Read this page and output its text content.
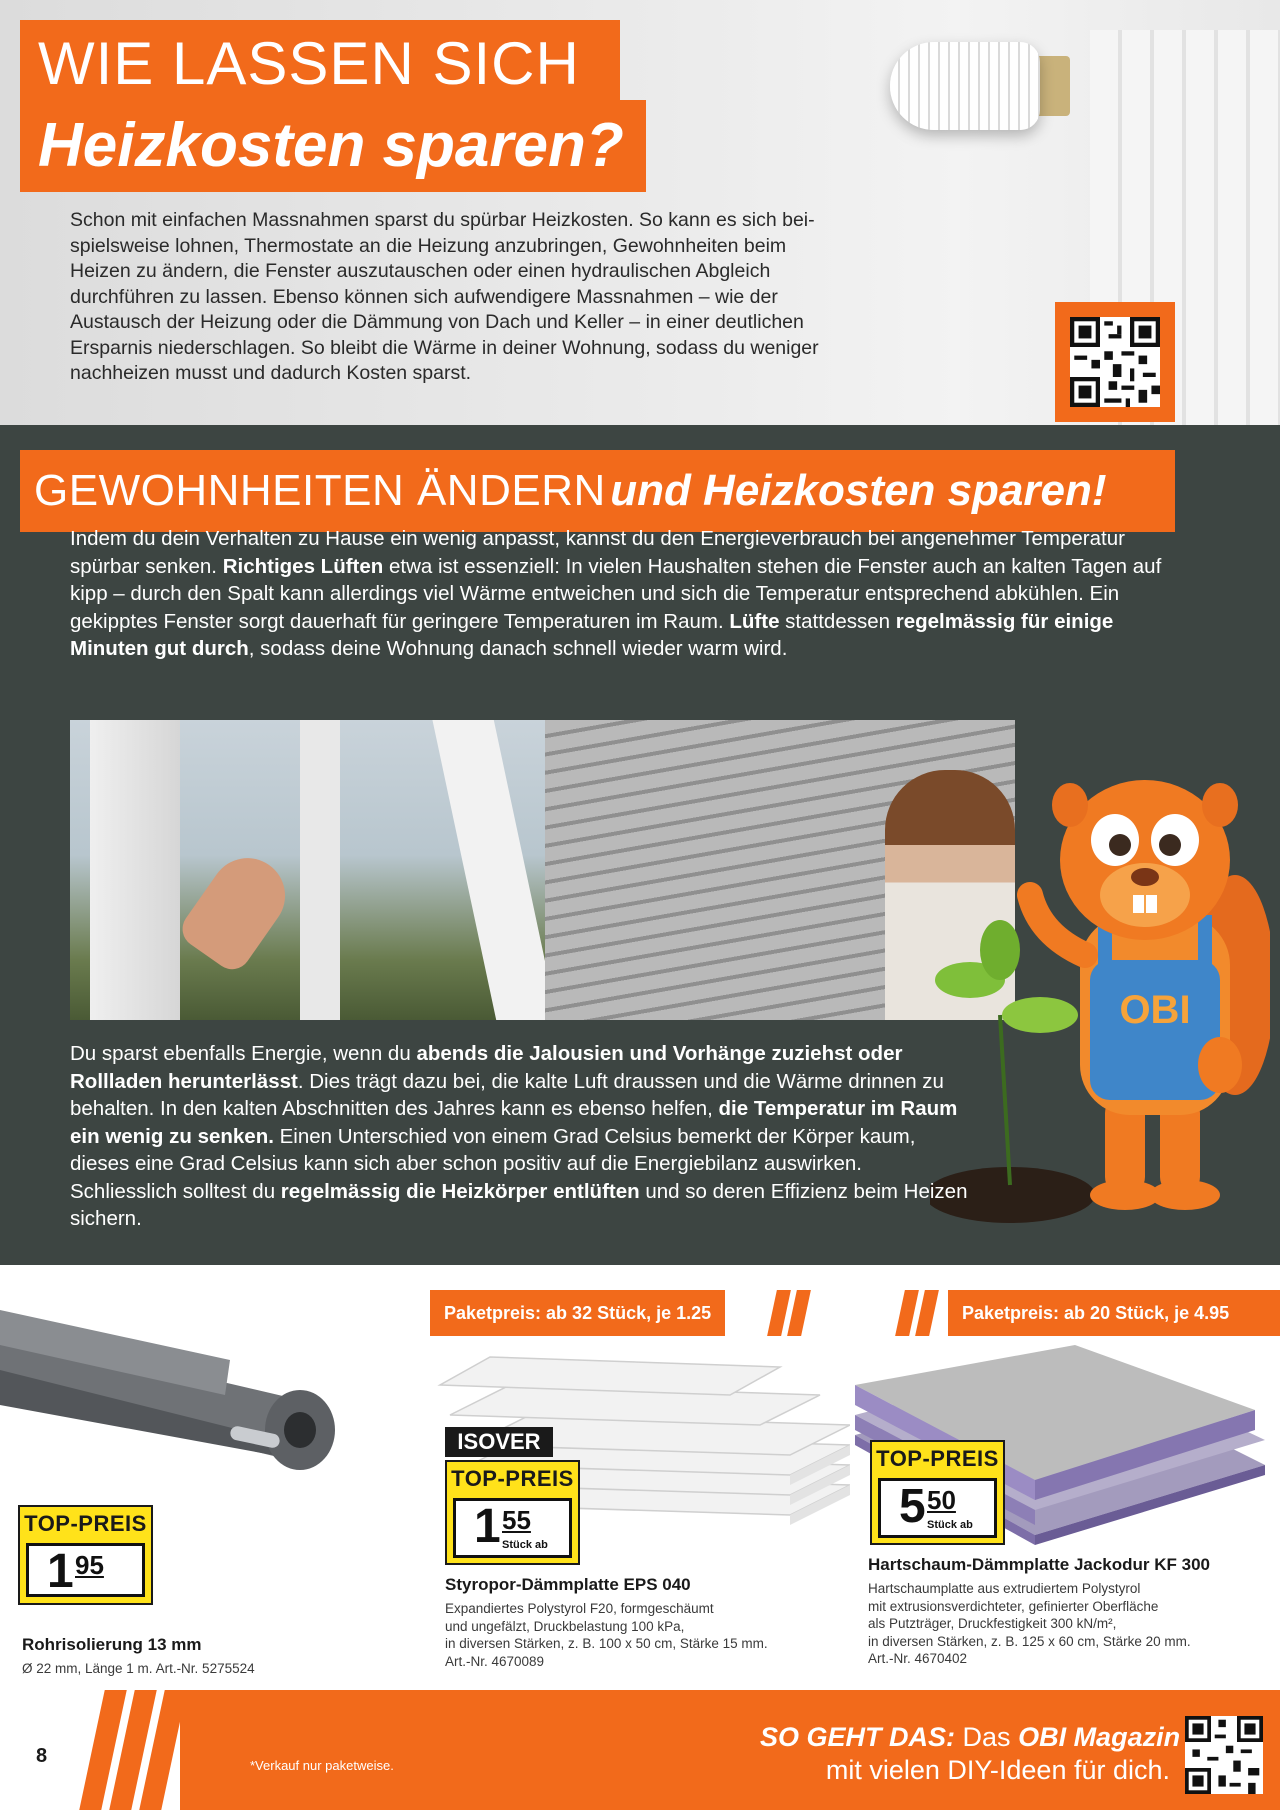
WIE LASSEN SICH
Heizkosten sparen?
Schon mit einfachen Massnahmen sparst du spürbar Heizkosten. So kann es sich bei-
spielsweise lohnen, Thermostate an die Heizung anzubringen, Gewohnheiten beim
Heizen zu ändern, die Fenster auszutauschen oder einen hydraulischen Abgleich
durchführen zu lassen. Ebenso können sich aufwendigere Massnahmen – wie der
Austausch der Heizung oder die Dämmung von Dach und Keller – in einer deutlichen
Ersparnis niederschlagen. So bleibt die Wärme in deiner Wohnung, sodass du weniger
nachheizen musst und dadurch Kosten sparst.
GEWOHNHEITEN ÄNDERN und Heizkosten sparen!
Indem du dein Verhalten zu Hause ein wenig anpasst, kannst du den Energieverbrauch bei angenehmer Temperatur spürbar senken. Richtiges Lüften etwa ist essenziell: In vielen Haushalten stehen die Fenster auch an kalten Tagen auf kipp – durch den Spalt kann allerdings viel Wärme entweichen und sich die Temperatur entsprechend abkühlen. Ein gekipptes Fenster sorgt dauerhaft für geringere Temperaturen im Raum. Lüfte stattdessen regelmässig für einige Minuten gut durch, sodass deine Wohnung danach schnell wieder warm wird.
OBI
Du sparst ebenfalls Energie, wenn du abends die Jalousien und Vorhänge zuziehst oder Rollladen herunterlässt. Dies trägt dazu bei, die kalte Luft draussen und die Wärme drinnen zu behalten. In den kalten Abschnitten des Jahres kann es ebenso helfen, die Temperatur im Raum ein wenig zu senken. Einen Unterschied von einem Grad Celsius bemerkt der Körper kaum, dieses eine Grad Celsius kann sich aber schon positiv auf die Energiebilanz auswirken. Schliesslich solltest du regelmässig die Heizkörper entlüften und so deren Effizienz beim Heizen sichern.
TOP-PREIS
1 95
Rohrisolierung 13 mm
Ø 22 mm, Länge 1 m. Art.-Nr. 5275524
Paketpreis: ab 32 Stück, je 1.25
ISOVER
TOP-PREIS
1 55
Stück ab
Styropor-Dämmplatte EPS 040
Expandiertes Polystyrol F20, formgeschäumt
und ungefälzt, Druckbelastung 100 kPa,
in diversen Stärken, z. B. 100 x 50 cm, Stärke 15 mm.
Art.-Nr. 4670089
Paketpreis: ab 20 Stück, je 4.95
TOP-PREIS
5 50
Stück ab
Hartschaum-Dämmplatte Jackodur KF 300
Hartschaumplatte aus extrudiertem Polystyrol
mit extrusionsverdichteter, gefinierter Oberfläche
als Putzträger, Druckfestigkeit 300 kN/m²,
in diversen Stärken, z. B. 125 x 60 cm, Stärke 20 mm.
Art.-Nr. 4670402
8	*Verkauf nur paketweise.
SO GEHT DAS: Das OBI Magazin
mit vielen DIY-Ideen für dich.
